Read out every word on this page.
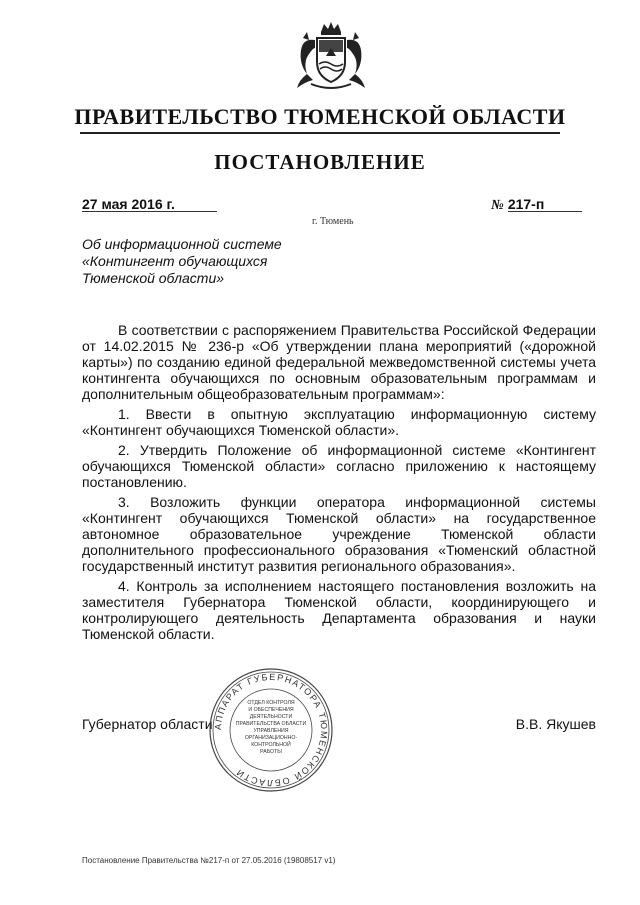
ПРАВИТЕЛЬСТВО ТЮМЕНСКОЙ ОБЛАСТИ
ПОСТАНОВЛЕНИЕ
27 мая 2016 г.
г. Тюмень
№ 217-п
Об информационной системе
«Контингент обучающихся
Тюменской области»

В соответствии с распоряжением Правительства Российской Федерации от 14.02.2015 № 236-р «Об утверждении плана мероприятий («дорожной карты») по созданию единой федеральной межведомственной системы учета контингента обучающихся по основным образовательным программам и дополнительным общеобразовательным программам»:

1. Ввести в опытную эксплуатацию информационную систему «Контингент обучающихся Тюменской области».

2. Утвердить Положение об информационной системе «Контингент обучающихся Тюменской области» согласно приложению к настоящему постановлению.

3. Возложить функции оператора информационной системы «Контингент обучающихся Тюменской области» на государственное автономное образовательное учреждение Тюменской области дополнительного профессионального образования «Тюменский областной государственный институт развития регионального образования».

4. Контроль за исполнением настоящего постановления возложить на заместителя Губернатора Тюменской области, координирующего и контролирующего деятельность Департамента образования и науки Тюменской области.

Губернатор области	В.В. Якушев
АППАРАТ ГУБЕРНАТОРА ТЮМЕНСКОЙ ОБЛАСТИ
ОТДЕЛ КОНТРОЛЯ
И ОБЕСПЕЧЕНИЯ
ДЕЯТЕЛЬНОСТИ
ПРАВИТЕЛЬСТВА ОБЛАСТИ
УПРАВЛЕНИЯ
ОРГАНИЗАЦИОННО-
КОНТРОЛЬНОЙ
РАБОТЫ
Постановление Правительства №217-п от 27.05.2016 (19808517 v1)
